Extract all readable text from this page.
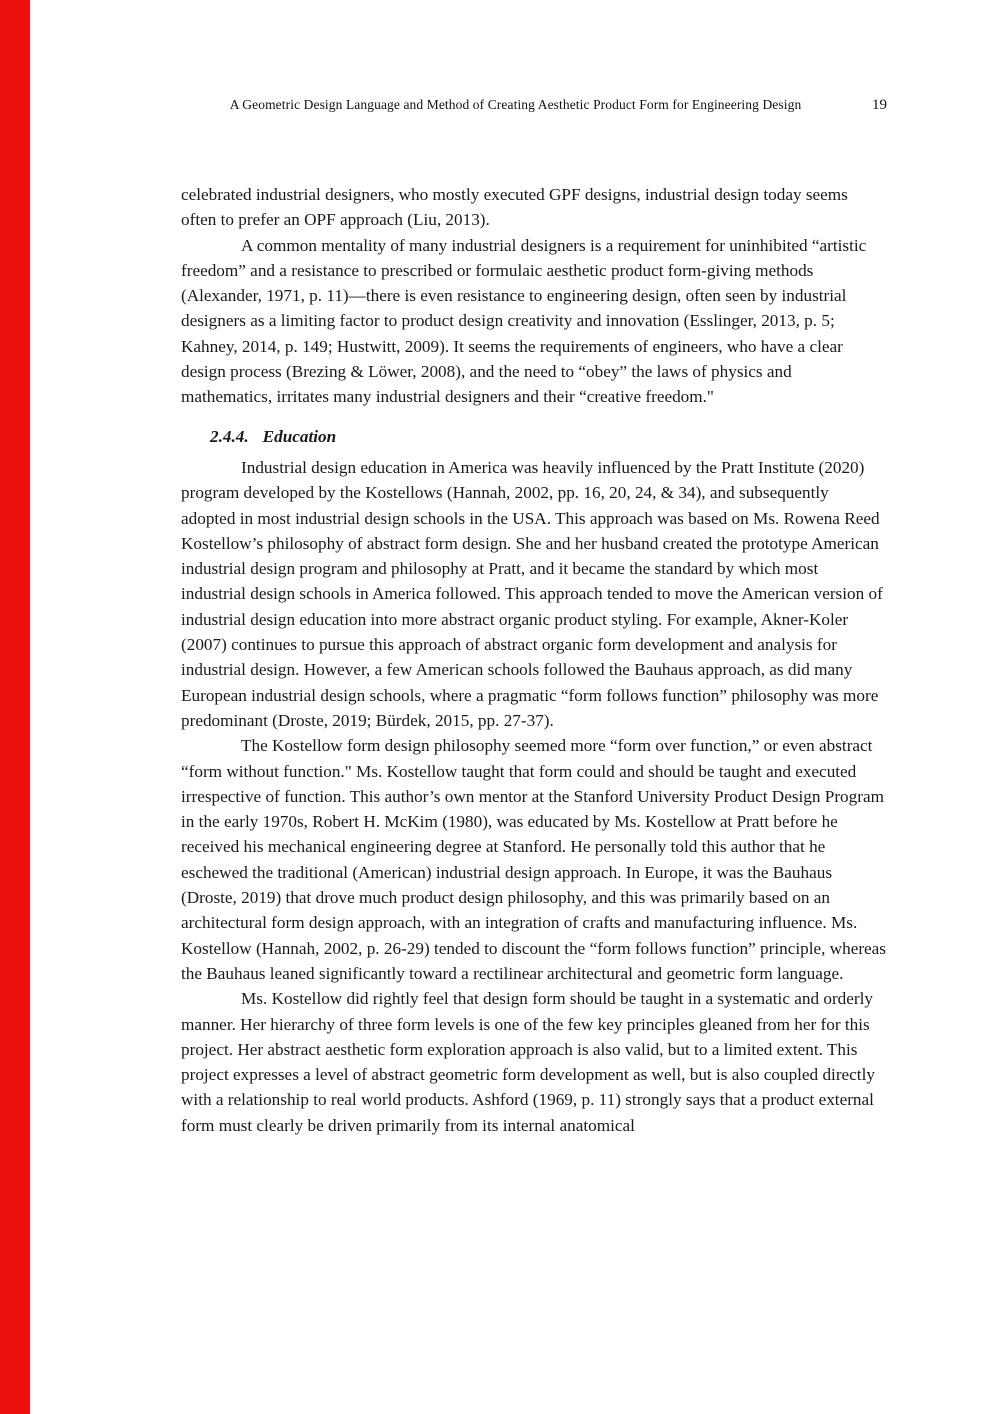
A Geometric Design Language and Method of Creating Aesthetic Product Form for Engineering Design	19

celebrated industrial designers, who mostly executed GPF designs, industrial design today seems often to prefer an OPF approach (Liu, 2013).

A common mentality of many industrial designers is a requirement for uninhibited “artistic freedom” and a resistance to prescribed or formulaic aesthetic product form-giving methods (Alexander, 1971, p. 11)—there is even resistance to engineering design, often seen by industrial designers as a limiting factor to product design creativity and innovation (Esslinger, 2013, p. 5; Kahney, 2014, p. 149; Hustwitt, 2009). It seems the requirements of engineers, who have a clear design process (Brezing & Löwer, 2008), and the need to “obey” the laws of physics and mathematics, irritates many industrial designers and their “creative freedom."

2.4.4. Education

Industrial design education in America was heavily influenced by the Pratt Institute (2020) program developed by the Kostellows (Hannah, 2002, pp. 16, 20, 24, & 34), and subsequently adopted in most industrial design schools in the USA. This approach was based on Ms. Rowena Reed Kostellow’s philosophy of abstract form design. She and her husband created the prototype American industrial design program and philosophy at Pratt, and it became the standard by which most industrial design schools in America followed. This approach tended to move the American version of industrial design education into more abstract organic product styling. For example, Akner-Koler (2007) continues to pursue this approach of abstract organic form development and analysis for industrial design. However, a few American schools followed the Bauhaus approach, as did many European industrial design schools, where a pragmatic “form follows function” philosophy was more predominant (Droste, 2019; Bürdek, 2015, pp. 27-37).

The Kostellow form design philosophy seemed more “form over function,” or even abstract “form without function." Ms. Kostellow taught that form could and should be taught and executed irrespective of function. This author’s own mentor at the Stanford University Product Design Program in the early 1970s, Robert H. McKim (1980), was educated by Ms. Kostellow at Pratt before he received his mechanical engineering degree at Stanford. He personally told this author that he eschewed the traditional (American) industrial design approach. In Europe, it was the Bauhaus (Droste, 2019) that drove much product design philosophy, and this was primarily based on an architectural form design approach, with an integration of crafts and manufacturing influence. Ms. Kostellow (Hannah, 2002, p. 26-29) tended to discount the “form follows function” principle, whereas the Bauhaus leaned significantly toward a rectilinear architectural and geometric form language.

Ms. Kostellow did rightly feel that design form should be taught in a systematic and orderly manner. Her hierarchy of three form levels is one of the few key principles gleaned from her for this project. Her abstract aesthetic form exploration approach is also valid, but to a limited extent. This project expresses a level of abstract geometric form development as well, but is also coupled directly with a relationship to real world products. Ashford (1969, p. 11) strongly says that a product external form must clearly be driven primarily from its internal anatomical
